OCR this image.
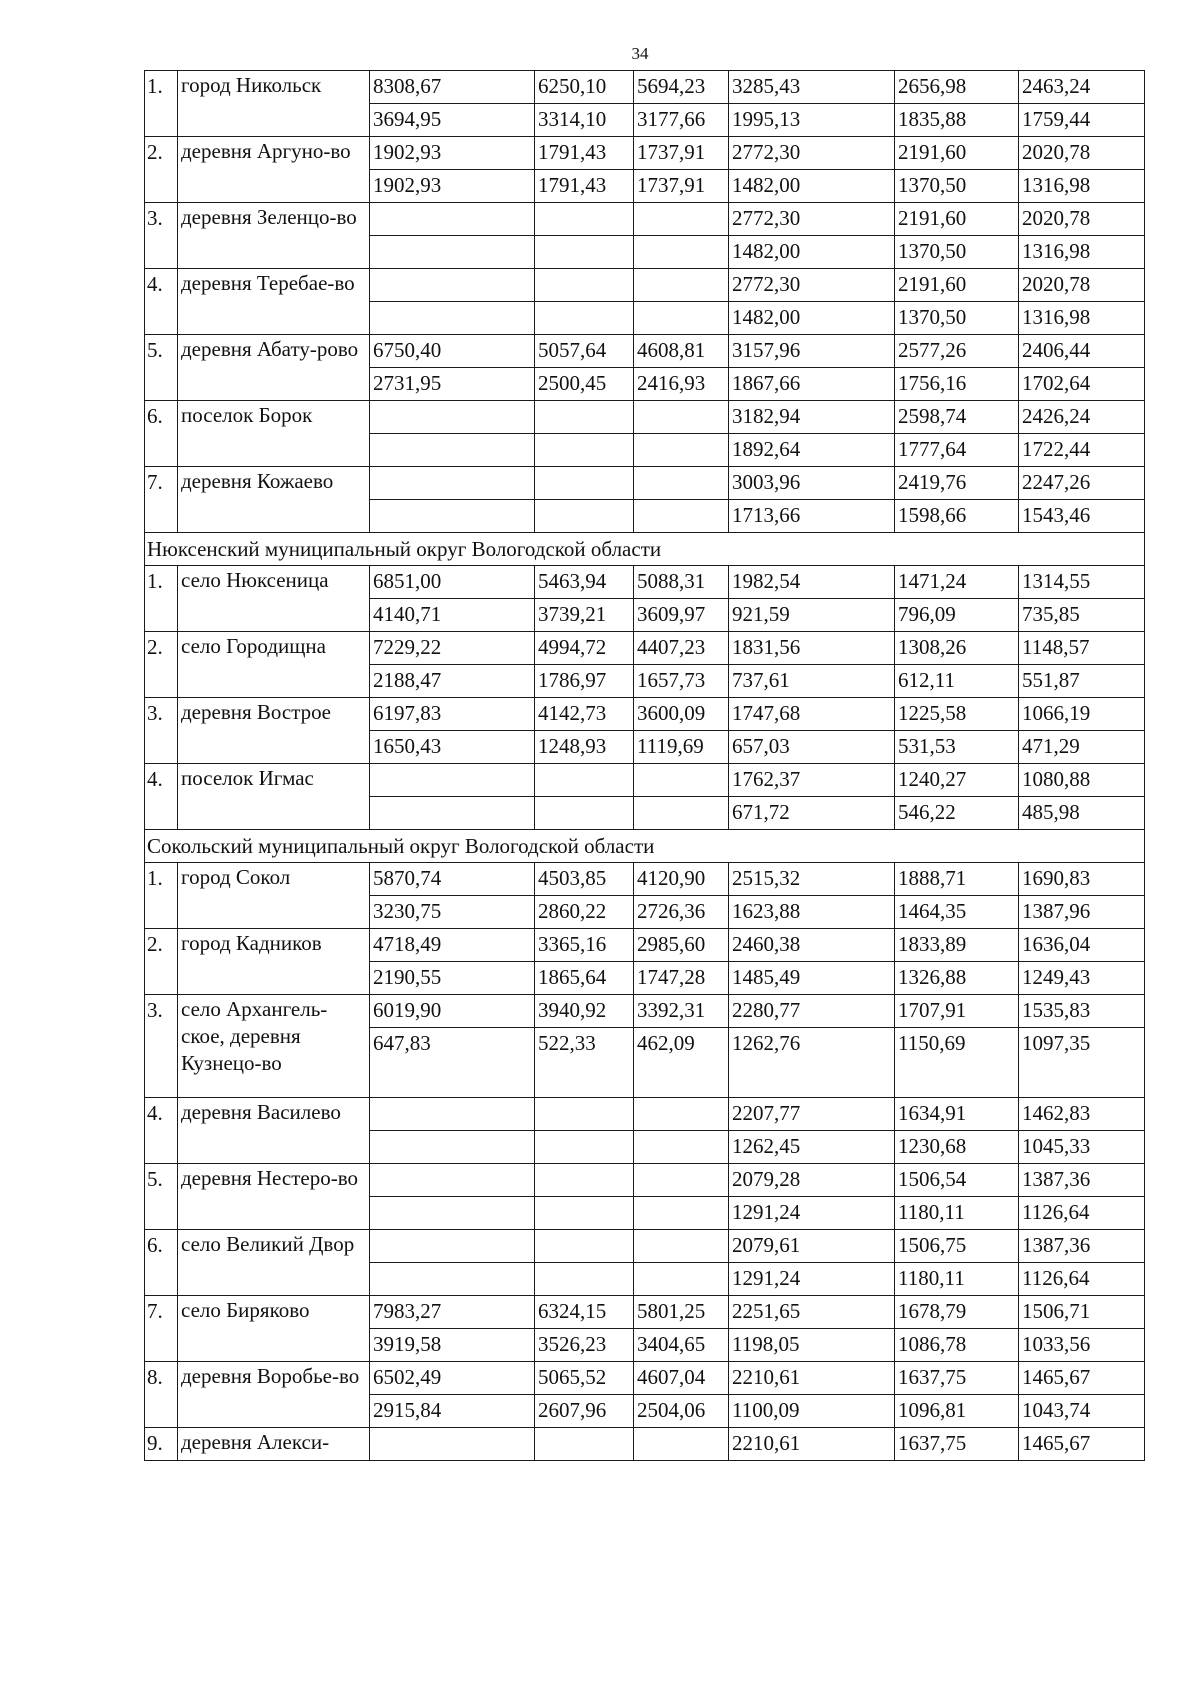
34
1.	город Никольск	8308,67	6250,10	5694,23	3285,43	2656,98	2463,24
		3694,95	3314,10	3177,66	1995,13	1835,88	1759,44
2.	деревня Аргуно-во	1902,93	1791,43	1737,91	2772,30	2191,60	2020,78
		1902,93	1791,43	1737,91	1482,00	1370,50	1316,98
3.	деревня Зеленцо-во				2772,30	2191,60	2020,78
					1482,00	1370,50	1316,98
4.	деревня Теребае-во				2772,30	2191,60	2020,78
					1482,00	1370,50	1316,98
5.	деревня Абату-рово	6750,40	5057,64	4608,81	3157,96	2577,26	2406,44
		2731,95	2500,45	2416,93	1867,66	1756,16	1702,64
6.	поселок Борок				3182,94	2598,74	2426,24
					1892,64	1777,64	1722,44
7.	деревня Кожаево				3003,96	2419,76	2247,26
					1713,66	1598,66	1543,46
Нюксенский муниципальный округ Вологодской области							
1.	село Нюксеница	6851,00	5463,94	5088,31	1982,54	1471,24	1314,55
		4140,71	3739,21	3609,97	921,59	796,09	735,85
2.	село Городищна	7229,22	4994,72	4407,23	1831,56	1308,26	1148,57
		2188,47	1786,97	1657,73	737,61	612,11	551,87
3.	деревня Востроe	6197,83	4142,73	3600,09	1747,68	1225,58	1066,19
		1650,43	1248,93	1119,69	657,03	531,53	471,29
4.	поселок Игмас				1762,37	1240,27	1080,88
					671,72	546,22	485,98
Сокольский муниципальный округ Вологодской области							
1.	город Сокол	5870,74	4503,85	4120,90	2515,32	1888,71	1690,83
		3230,75	2860,22	2726,36	1623,88	1464,35	1387,96
2.	город Кадников	4718,49	3365,16	2985,60	2460,38	1833,89	1636,04
		2190,55	1865,64	1747,28	1485,49	1326,88	1249,43
3.	село Архангель-ское, деревня Кузнецо-во	6019,90	3940,92	3392,31	2280,77	1707,91	1535,83
		647,83	522,33	462,09	1262,76	1150,69	1097,35
4.	деревня Василево				2207,77	1634,91	1462,83
					1262,45	1230,68	1045,33
5.	деревня Нестеро-во				2079,28	1506,54	1387,36
					1291,24	1180,11	1126,64
6.	село Великий Двор				2079,61	1506,75	1387,36
					1291,24	1180,11	1126,64
7.	село Биряково	7983,27	6324,15	5801,25	2251,65	1678,79	1506,71
		3919,58	3526,23	3404,65	1198,05	1086,78	1033,56
8.	деревня Воробье-во	6502,49	5065,52	4607,04	2210,61	1637,75	1465,67
		2915,84	2607,96	2504,06	1100,09	1096,81	1043,74
9.	деревня Алекси-				2210,61	1637,75	1465,67
